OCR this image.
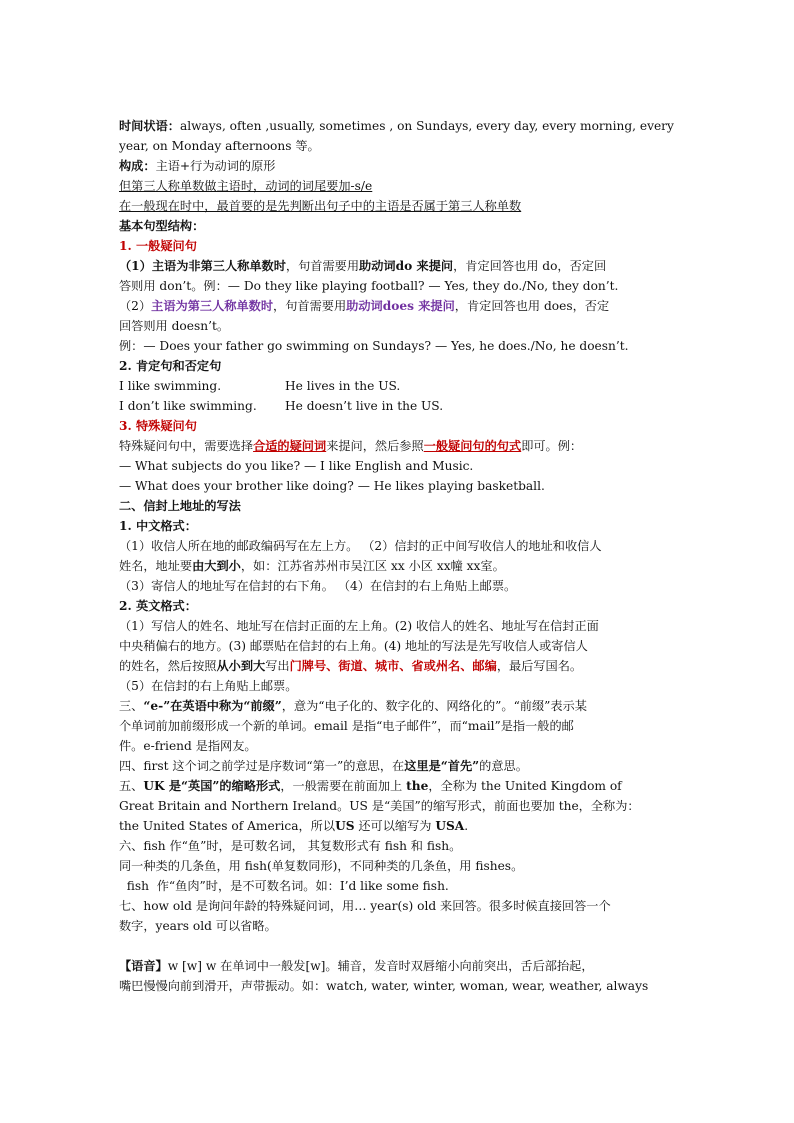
时间状语：always, often ,usually, sometimes , on Sundays, every day, every morning, every
year, on Monday afternoons 等。
构成：主语+行为动词的原形
但第三人称单数做主语时，动词的词尾要加-s/e
在一般现在时中，最首要的是先判断出句子中的主语是否属于第三人称单数
基本句型结构：
1. 一般疑问句
（1）主语为非第三人称单数时，句首需要用助动词do 来提问，肯定回答也用 do，否定回
答则用 don’t。例：— Do they like playing football? — Yes, they do./No, they don’t.
（2）主语为第三人称单数时，句首需要用助动词does 来提问，肯定回答也用 does，否定
回答则用 doesn’t。
例：— Does your father go swimming on Sundays? — Yes, he does./No, he doesn’t.
2. 肯定句和否定句
I like swimming.	He lives in the US.
I don’t like swimming. He doesn’t live in the US.
3. 特殊疑问句
特殊疑问句中，需要选择合适的疑问词来提问，然后参照一般疑问句的句式即可。例：
— What subjects do you like? — I like English and Music.
— What does your brother like doing? — He likes playing basketball.
二、信封上地址的写法
1. 中文格式：
（1）收信人所在地的邮政编码写在左上方。 （2）信封的正中间写收信人的地址和收信人
姓名，地址要由大到小，如：江苏省苏州市吴江区 xx 小区 xx幢 xx室。
（3）寄信人的地址写在信封的右下角。 （4）在信封的右上角贴上邮票。
2. 英文格式：
（1）写信人的姓名、地址写在信封正面的左上角。(2) 收信人的姓名、地址写在信封正面
中央稍偏右的地方。(3) 邮票贴在信封的右上角。(4) 地址的写法是先写收信人或寄信人
的姓名，然后按照从小到大写出门牌号、街道、城市、省或州名、邮编，最后写国名。
（5）在信封的右上角贴上邮票。
三、“e-”在英语中称为“前缀”，意为“电子化的、数字化的、网络化的”。“前缀”表示某
个单词前加前缀形成一个新的单词。email 是指“电子邮件”，而“mail”是指一般的邮
件。e-friend 是指网友。
四、first 这个词之前学过是序数词“第一”的意思，在这里是“首先”的意思。
五、UK 是“英国”的缩略形式，一般需要在前面加上 the，全称为 the United Kingdom of
Great Britain and Northern Ireland。US 是“美国”的缩写形式，前面也要加 the，全称为：
the United States of America，所以US 还可以缩写为 USA.
六、fish 作“鱼”时，是可数名词， 其复数形式有 fish 和 fish。
同一种类的几条鱼，用 fish(单复数同形)，不同种类的几条鱼，用 fishes。
fish  作“鱼肉”时，是不可数名词。如：I’d like some fish.
七、how old 是询问年龄的特殊疑问词，用… year(s) old 来回答。很多时候直接回答一个
数字，years old 可以省略。
【语音】w [w] w 在单词中一般发[w]。辅音，发音时双唇缩小向前突出，舌后部抬起，
嘴巴慢慢向前到滑开，声带振动。如：watch, water, winter, woman, wear, weather, always
